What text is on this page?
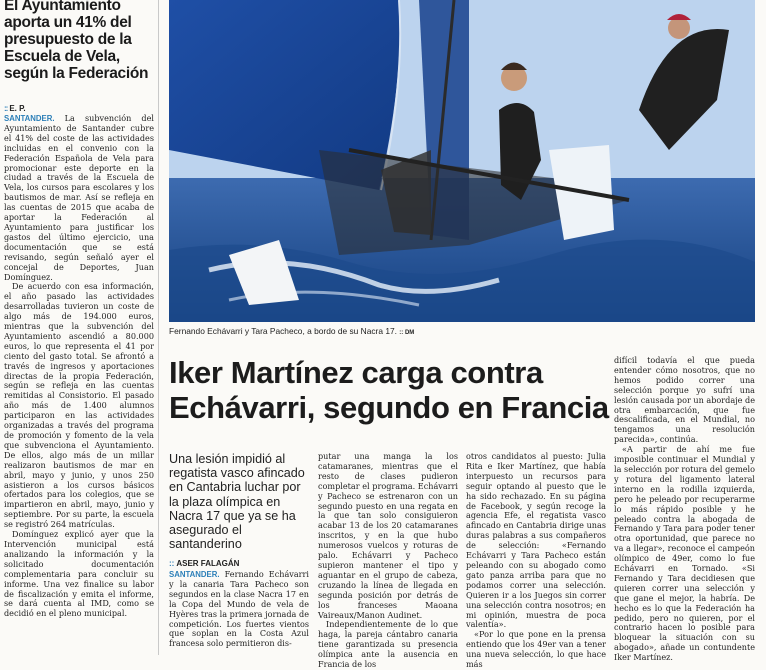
El Ayuntamiento aporta un 41% del presupuesto de la Escuela de Vela, según la Federación
:: E. P.

SANTANDER. La subvención del Ayuntamiento de Santander cubre el 41% del coste de las actividades incluidas en el convenio con la Federación Española de Vela para promocionar este deporte en la ciudad a través de la Escuela de Vela, los cursos para escolares y los bautismos de mar. Así se refleja en las cuentas de 2015 que acaba de aportar la Federación al Ayuntamiento para justificar los gastos del último ejercicio, una documentación que se está revisando, según señaló ayer el concejal de Deportes, Juan Domínguez.

De acuerdo con esa información, el año pasado las actividades desarrolladas tuvieron un coste de algo más de 194.000 euros, mientras que la subvención del Ayuntamiento ascendió a 80.000 euros, lo que representa el 41 por ciento del gasto total. Se afrontó a través de ingresos y aportaciones directas de la propia Federación, según se refleja en las cuentas remitidas al Consistorio. El pasado año más de 1.400 alumnos participaron en las actividades organizadas a través del programa de promoción y fomento de la vela que subvenciona el Ayuntamiento. De ellos, algo más de un millar realizaron bautismos de mar en abril, mayo y junio, y unos 250 asistieron a los cursos básicos ofertados para los colegios, que se impartieron en abril, mayo, junio y septiembre. Por su parte, la escuela se registró 264 matrículas.

Domínguez explicó ayer que la Intervención municipal está analizando la información y la solicitado documentación complementaria para concluir su informe. Una vez finalice su labor de fiscalización y emita el informe, se dará cuenta al IMD, como se decidió en el pleno municipal.

Fernando Echávarri y Tara Pacheco, a bordo de su Nacra 17. :: DM
Iker Martínez carga contra Echávarri, segundo en Francia
Una lesión impidió al regatista vasco afincado en Cantabria luchar por la plaza olímpica en Nacra 17 que ya se ha asegurado el santanderino
:: ASER FALAGÁN

SANTANDER. Fernando Echávarri y la canaria Tara Pacheco son segundos en la clase Nacra 17 en la Copa del Mundo de vela de Hyères tras la primera jornada de competición. Los fuertes vientos que soplan en la Costa Azul francesa solo permitieron dis-

putar una manga la los catamaranes, mientras que el resto de clases pudieron completar el programa. Echávarri y Pacheco se estrenaron con un segundo puesto en una regata en la que tan solo consiguieron acabar 13 de los 20 catamaranes inscritos, y en la que hubo numerosos vuelcos y roturas de palo. Echávarri y Pacheco supieron mantener el tipo y aguantar en el grupo de cabeza, cruzando la línea de llegada en segunda posición por detrás de los franceses Maoana Vaireaux/Manon Audinet.

Independientemente de lo que haga, la pareja cántabro canaria tiene garantizada su presencia olímpica ante la ausencia en Francia de los

otros candidatos al puesto: Julia Rita e Iker Martínez, que había interpuesto un recursos para seguir optando al puesto que le ha sido rechazado. En su página de Facebook, y según recoge la agencia Efe, el regatista vasco afincado en Cantabria dirige unas duras palabras a sus compañeros de selección: «Fernando Echávarri y Tara Pacheco están peleando con su abogado como gato panza arriba para que no podamos correr una selección. Quieren ir a los Juegos sin correr una selección contra nosotros; en mi opinión, muestra de poca valentía».

«Por lo que pone en la prensa entiendo que los 49er van a tener una nueva selección, lo que hace más

difícil todavía el que pueda entender cómo nosotros, que no hemos podido correr una selección porque yo sufrí una lesión causada por un abordaje de otra embarcación, que fue descalificada, en el Mundial, no tengamos una resolución parecida», continúa.

«A partir de ahí me fue imposible continuar el Mundial y la selección por rotura del gemelo y rotura del ligamento lateral interno en la rodilla izquierda, pero he peleado por recuperarme lo más rápido posible y he peleado contra la abogada de Fernando y Tara para poder tener otra oportunidad, que parece no va a llegar», reconoce el campeón olímpico de 49er, como lo fue Echávarri en Tornado. «Si Fernando y Tara decidiesen que quieren correr una selección y que gane el mejor, la habría. De hecho es lo que la Federación ha pedido, pero no quieren, por el contrario hacen lo posible para bloquear la situación con su abogado», añade un contundente Iker Martínez.
